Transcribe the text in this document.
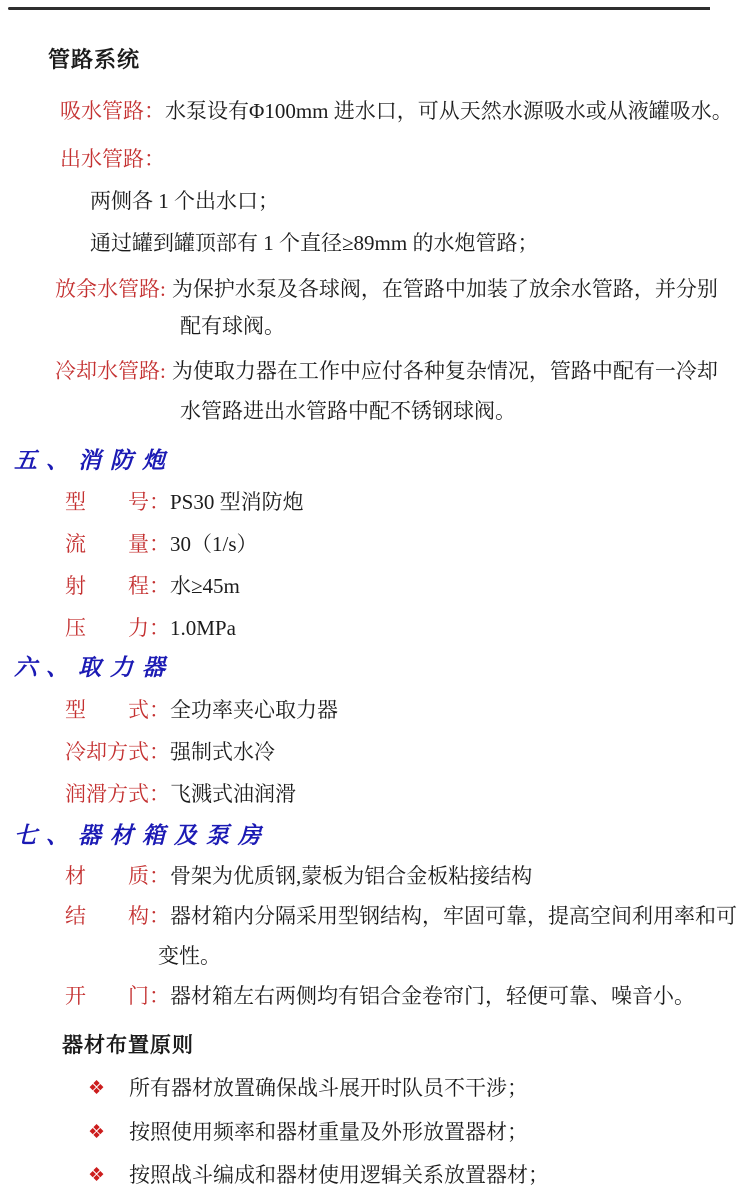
管路系统
吸水管路：水泵设有Φ100mm 进水口，可从天然水源吸水或从液罐吸水。
出水管路：
两侧各 1 个出水口；
通过罐到罐顶部有 1 个直径≥89mm 的水炮管路；
放余水管路: 为保护水泵及各球阀，在管路中加装了放余水管路，并分别
配有球阀。
冷却水管路: 为使取力器在工作中应付各种复杂情况，管路中配有一冷却
水管路进出水管路中配不锈钢球阀。
五、消防炮
型　　号：PS30 型消防炮
流　　量：30（1/s）
射　　程：水≥45m
压　　力：1.0MPa
六、取力器
型　　式：全功率夹心取力器
冷却方式：强制式水冷
润滑方式：飞溅式油润滑
七、器材箱及泵房
材　　质：骨架为优质钢,蒙板为铝合金板粘接结构
结　　构：器材箱内分隔采用型钢结构，牢固可靠，提高空间利用率和可
变性。
开　　门：器材箱左右两侧均有铝合金卷帘门，轻便可靠、噪音小。
器材布置原则
❖ 所有器材放置确保战斗展开时队员不干涉；
❖ 按照使用频率和器材重量及外形放置器材；
❖ 按照战斗编成和器材使用逻辑关系放置器材；
